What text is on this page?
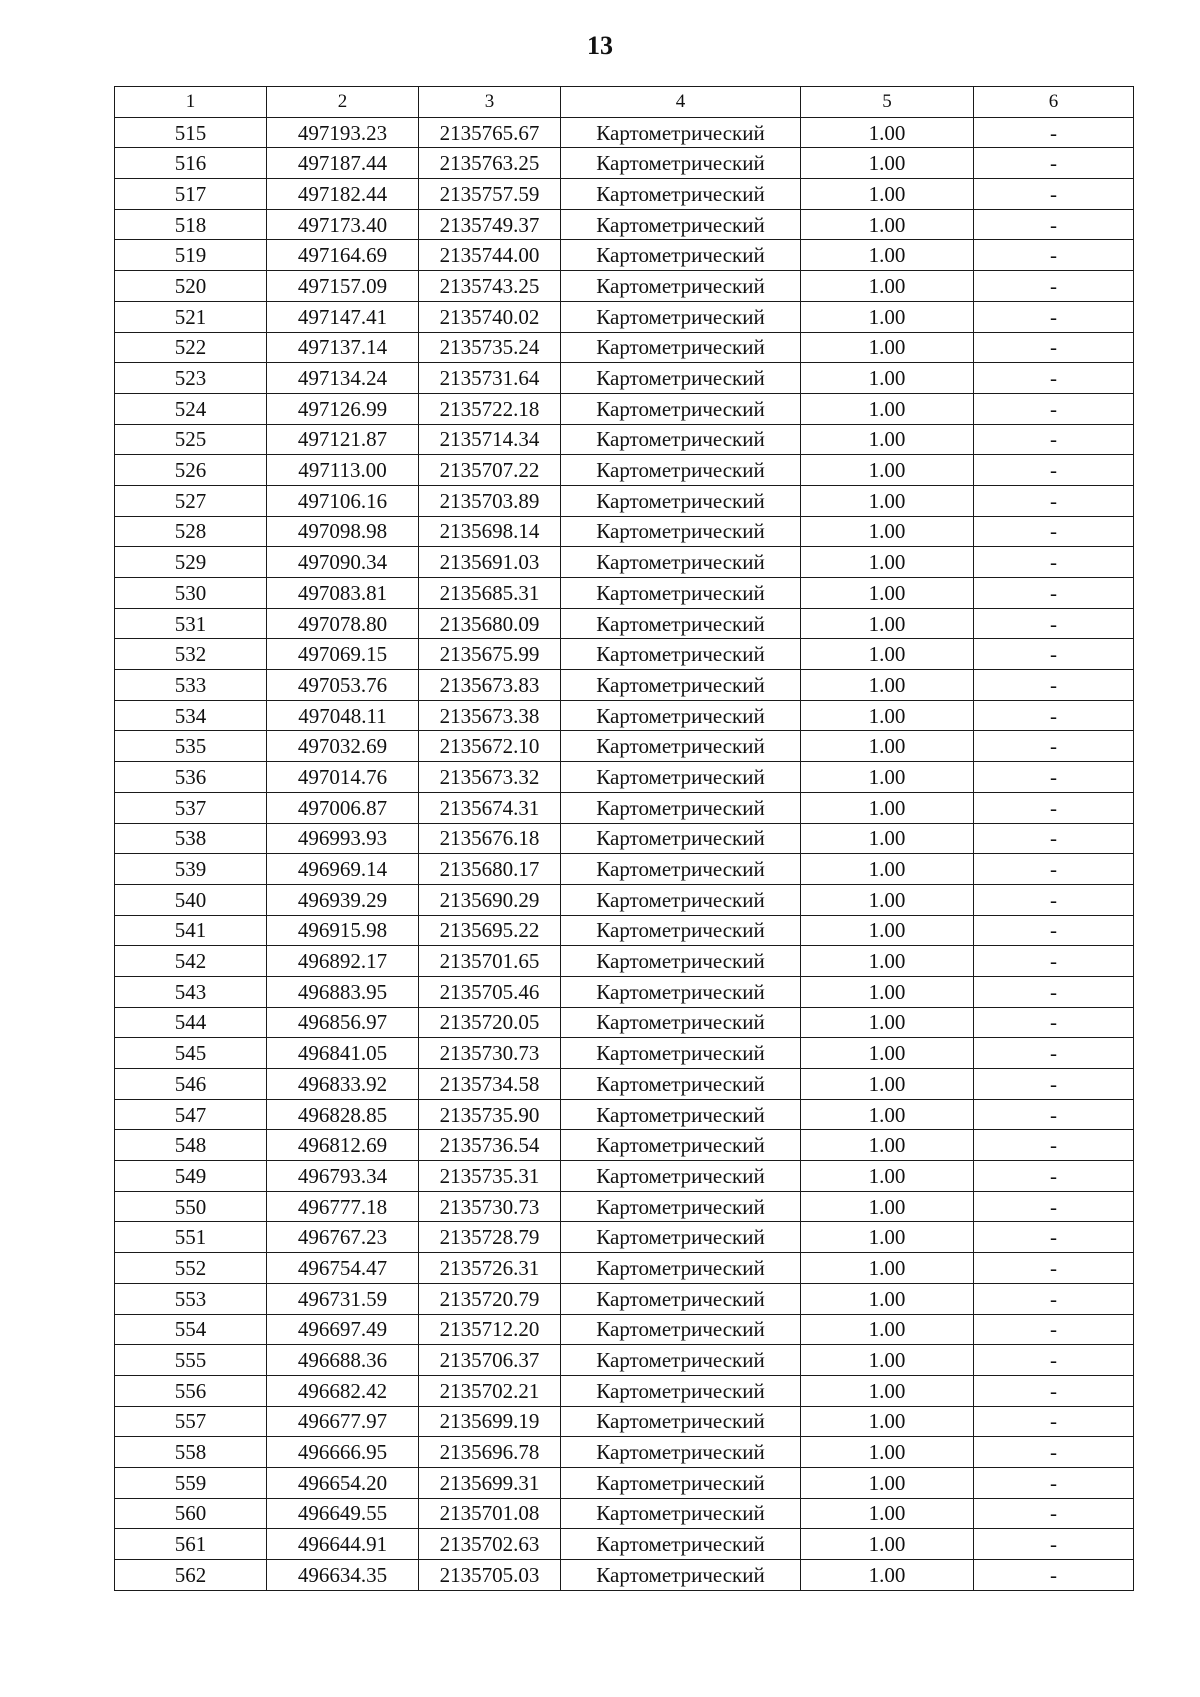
13
1	2	3	4	5	6
515	497193.23	2135765.67	Картометрический	1.00	-
516	497187.44	2135763.25	Картометрический	1.00	-
517	497182.44	2135757.59	Картометрический	1.00	-
518	497173.40	2135749.37	Картометрический	1.00	-
519	497164.69	2135744.00	Картометрический	1.00	-
520	497157.09	2135743.25	Картометрический	1.00	-
521	497147.41	2135740.02	Картометрический	1.00	-
522	497137.14	2135735.24	Картометрический	1.00	-
523	497134.24	2135731.64	Картометрический	1.00	-
524	497126.99	2135722.18	Картометрический	1.00	-
525	497121.87	2135714.34	Картометрический	1.00	-
526	497113.00	2135707.22	Картометрический	1.00	-
527	497106.16	2135703.89	Картометрический	1.00	-
528	497098.98	2135698.14	Картометрический	1.00	-
529	497090.34	2135691.03	Картометрический	1.00	-
530	497083.81	2135685.31	Картометрический	1.00	-
531	497078.80	2135680.09	Картометрический	1.00	-
532	497069.15	2135675.99	Картометрический	1.00	-
533	497053.76	2135673.83	Картометрический	1.00	-
534	497048.11	2135673.38	Картометрический	1.00	-
535	497032.69	2135672.10	Картометрический	1.00	-
536	497014.76	2135673.32	Картометрический	1.00	-
537	497006.87	2135674.31	Картометрический	1.00	-
538	496993.93	2135676.18	Картометрический	1.00	-
539	496969.14	2135680.17	Картометрический	1.00	-
540	496939.29	2135690.29	Картометрический	1.00	-
541	496915.98	2135695.22	Картометрический	1.00	-
542	496892.17	2135701.65	Картометрический	1.00	-
543	496883.95	2135705.46	Картометрический	1.00	-
544	496856.97	2135720.05	Картометрический	1.00	-
545	496841.05	2135730.73	Картометрический	1.00	-
546	496833.92	2135734.58	Картометрический	1.00	-
547	496828.85	2135735.90	Картометрический	1.00	-
548	496812.69	2135736.54	Картометрический	1.00	-
549	496793.34	2135735.31	Картометрический	1.00	-
550	496777.18	2135730.73	Картометрический	1.00	-
551	496767.23	2135728.79	Картометрический	1.00	-
552	496754.47	2135726.31	Картометрический	1.00	-
553	496731.59	2135720.79	Картометрический	1.00	-
554	496697.49	2135712.20	Картометрический	1.00	-
555	496688.36	2135706.37	Картометрический	1.00	-
556	496682.42	2135702.21	Картометрический	1.00	-
557	496677.97	2135699.19	Картометрический	1.00	-
558	496666.95	2135696.78	Картометрический	1.00	-
559	496654.20	2135699.31	Картометрический	1.00	-
560	496649.55	2135701.08	Картометрический	1.00	-
561	496644.91	2135702.63	Картометрический	1.00	-
562	496634.35	2135705.03	Картометрический	1.00	-
